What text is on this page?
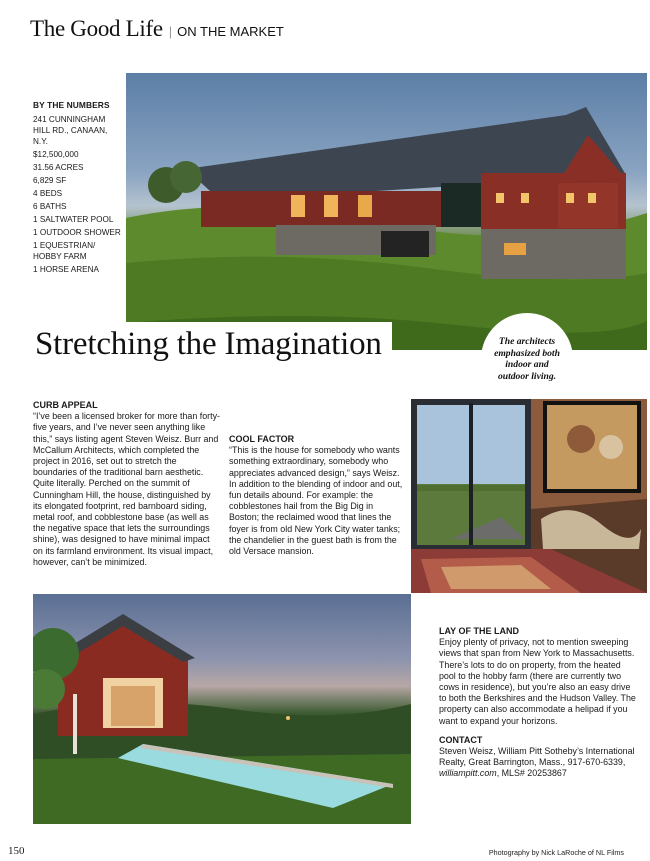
The Good Life | ON THE MARKET
BY THE NUMBERS
241 CUNNINGHAM HILL RD., CANAAN, N.Y.
$12,500,000
31.56 ACRES
6,829 SF
4 BEDS
6 BATHS
1 SALTWATER POOL
1 OUTDOOR SHOWER
1 EQUESTRIAN/ HOBBY FARM
1 HORSE ARENA
Stretching the Imagination	The architects emphasized both indoor and outdoor living.
CURB APPEAL
“I’ve been a licensed broker for more than forty-five years, and I’ve never seen anything like this,” says listing agent Steven Weisz. Burr and McCallum Architects, which completed the project in 2016, set out to stretch the boundaries of the traditional barn aesthetic. Quite literally. Perched on the summit of Cunningham Hill, the house, distinguished by its elongated footprint, red barnboard siding, metal roof, and cobblestone base (as well as the negative space that lets the surroundings shine), was designed to have minimal impact on its farmland environment. Its visual impact, however, can’t be minimized.
COOL FACTOR
“This is the house for somebody who wants something extraordinary, somebody who appreciates advanced design,” says Weisz. In addition to the blending of indoor and out, fun details abound. For example: the cobblestones hail from the Big Dig in Boston; the reclaimed wood that lines the foyer is from old New York City water tanks; the chandelier in the guest bath is from the old Versace mansion.
LAY OF THE LAND
Enjoy plenty of privacy, not to mention sweeping views that span from New York to Massachusetts. There’s lots to do on property, from the heated pool to the hobby farm (there are currently two cows in residence), but you’re also an easy drive to both the Berkshires and the Hudson Valley. The property can also accommodate a helipad if you want to expand your horizons.
CONTACT
Steven Weisz, William Pitt Sotheby’s International Realty, Great Barrington, Mass., 917-670-6339, williampitt.com, MLS# 20253867
150	Photography by Nick LaRoche of NL Films
